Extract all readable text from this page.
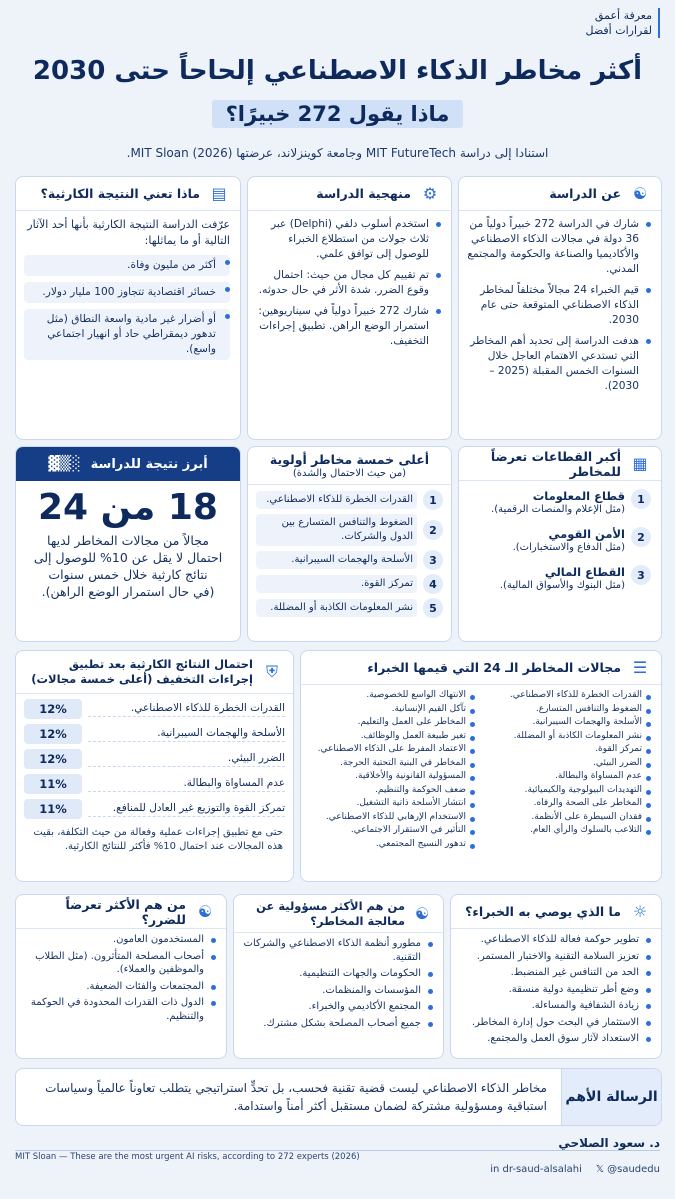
معرفة أعمق
لقرارات أفضل
أكثر مخاطر الذكاء الاصطناعي إلحاحاً حتى 2030
ماذا يقول 272 خبيرًا؟
استنادا إلى دراسة MIT FutureTech وجامعة كوينزلاند، عرضتها MIT Sloan (2026).
☯
عن الدراسة
شارك في الدراسة 272 خبيراً دولياً من 36 دولة في مجالات الذكاء الاصطناعي والأكاديميا والصناعة والحكومة والمجتمع المدني.
قيم الخبراء 24 مجالاً مختلفاً لمخاطر الذكاء الاصطناعي المتوقعة حتى عام 2030.
هدفت الدراسة إلى تحديد أهم المخاطر التي تستدعي الاهتمام العاجل خلال السنوات الخمس المقبلة (2025 – 2030).
⚙
منهجية الدراسة
استخدم أسلوب دلفي (Delphi) عبر ثلاث جولات من استطلاع الخبراء للوصول إلى توافق علمي.
تم تقييم كل مجال من حيث: احتمال وقوع الضرر. شدة الأثر في حال حدوثه.
شارك 272 خبيراً دولياً في سيناريوهين: استمرار الوضع الراهن. تطبيق إجراءات التخفيف.
▤
ماذا تعني النتيجة الكارثية؟
عرّفت الدراسة النتيجة الكارثية بأنها أحد الآثار التالية أو ما يماثلها:
أكثر من مليون وفاة.
خسائر اقتصادية تتجاوز 100 مليار دولار.
أو أضرار غير مادية واسعة النطاق (مثل تدهور ديمقراطي حاد أو انهيار اجتماعي واسع).
▦
أكبر القطاعات تعرضاً للمخاطر
1
قطاع المعلومات
(مثل الإعلام والمنصات الرقمية).
2
الأمن القومي
(مثل الدفاع والاستخبارات).
3
القطاع المالي
(مثل البنوك والأسواق المالية).
أعلى خمسة مخاطر أولوية
(من حيث الاحتمال والشدة)
1
القدرات الخطرة للذكاء الاصطناعي.
2
الضغوط والتنافس المتسارع بين الدول والشركات.
3
الأسلحة والهجمات السيبرانية.
4
تمركز القوة.
5
نشر المعلومات الكاذبة أو المضللة.
أبرز نتيجة للدراسة
░▒▓
18 من 24
مجالاً من مجالات المخاطر لديها احتمال لا يقل عن 10% للوصول إلى نتائج كارثية خلال خمس سنوات
(في حال استمرار الوضع الراهن).
☰
مجالات المخاطر الـ 24 التي قيمها الخبراء
القدرات الخطرة للذكاء الاصطناعي.
الضغوط والتنافس المتسارع.
الأسلحة والهجمات السيبرانية.
نشر المعلومات الكاذبة أو المضللة.
تمركز القوة.
الضرر البيئي.
عدم المساواة والبطالة.
التهديدات البيولوجية والكيميائية.
المخاطر على الصحة والرفاه.
فقدان السيطرة على الأنظمة.
التلاعب بالسلوك والرأي العام.
الانتهاك الواسع للخصوصية.
تآكل القيم الإنسانية.
المخاطر على العمل والتعليم.
تغير طبيعة العمل والوظائف.
الاعتماد المفرط على الذكاء الاصطناعي.
المخاطر في البنية التحتية الحرجة.
المسؤولية القانونية والأخلاقية.
ضعف الحوكمة والتنظيم.
انتشار الأسلحة ذاتية التشغيل.
الاستخدام الإرهابي للذكاء الاصطناعي.
التأثير في الاستقرار الاجتماعي.
تدهور النسيج المجتمعي.
⛨
احتمال النتائج الكارثية بعد تطبيق إجراءات التخفيف (أعلى خمسة مجالات)
القدرات الخطرة للذكاء الاصطناعي.
12%
الأسلحة والهجمات السيبرانية.
12%
الضرر البيئي.
12%
عدم المساواة والبطالة.
11%
تمركز القوة والتوزيع غير العادل للمنافع.
11%
حتى مع تطبيق إجراءات عملية وفعالة من حيث التكلفة، بقيت هذه المجالات عند احتمال 10% فأكثر للنتائج الكارثية.
☼
ما الذي يوصي به الخبراء؟
تطوير حوكمة فعالة للذكاء الاصطناعي.
تعزيز السلامة التقنية والاختبار المستمر.
الحد من التنافس غير المنضبط.
وضع أطر تنظيمية دولية منسقة.
زيادة الشفافية والمساءلة.
الاستثمار في البحث حول إدارة المخاطر.
الاستعداد لآثار سوق العمل والمجتمع.
☯
من هم الأكثر مسؤولية عن معالجة المخاطر؟
مطورو أنظمة الذكاء الاصطناعي والشركات التقنية.
الحكومات والجهات التنظيمية.
المؤسسات والمنظمات.
المجتمع الأكاديمي والخبراء.
جميع أصحاب المصلحة بشكل مشترك.
☯
من هم الأكثر تعرضاً للضرر؟
المستخدمون العامون.
أصحاب المصلحة المتأثرون. (مثل الطلاب والموظفين والعملاء).
المجتمعات والفئات الضعيفة.
الدول ذات القدرات المحدودة في الحوكمة والتنظيم.
الرسالة الأهم
مخاطر الذكاء الاصطناعي ليست قضية تقنية فحسب، بل تحدٍّ استراتيجي يتطلب تعاوناً عالمياً وسياسات استباقية ومسؤولية مشتركة لضمان مستقبل أكثر أمناً واستدامة.
د. سعود الصلاحي
MIT Sloan — These are the most urgent AI risks, according to 272 experts (2026)
in dr-saud-alsalahi 𝕏 @saudedu
